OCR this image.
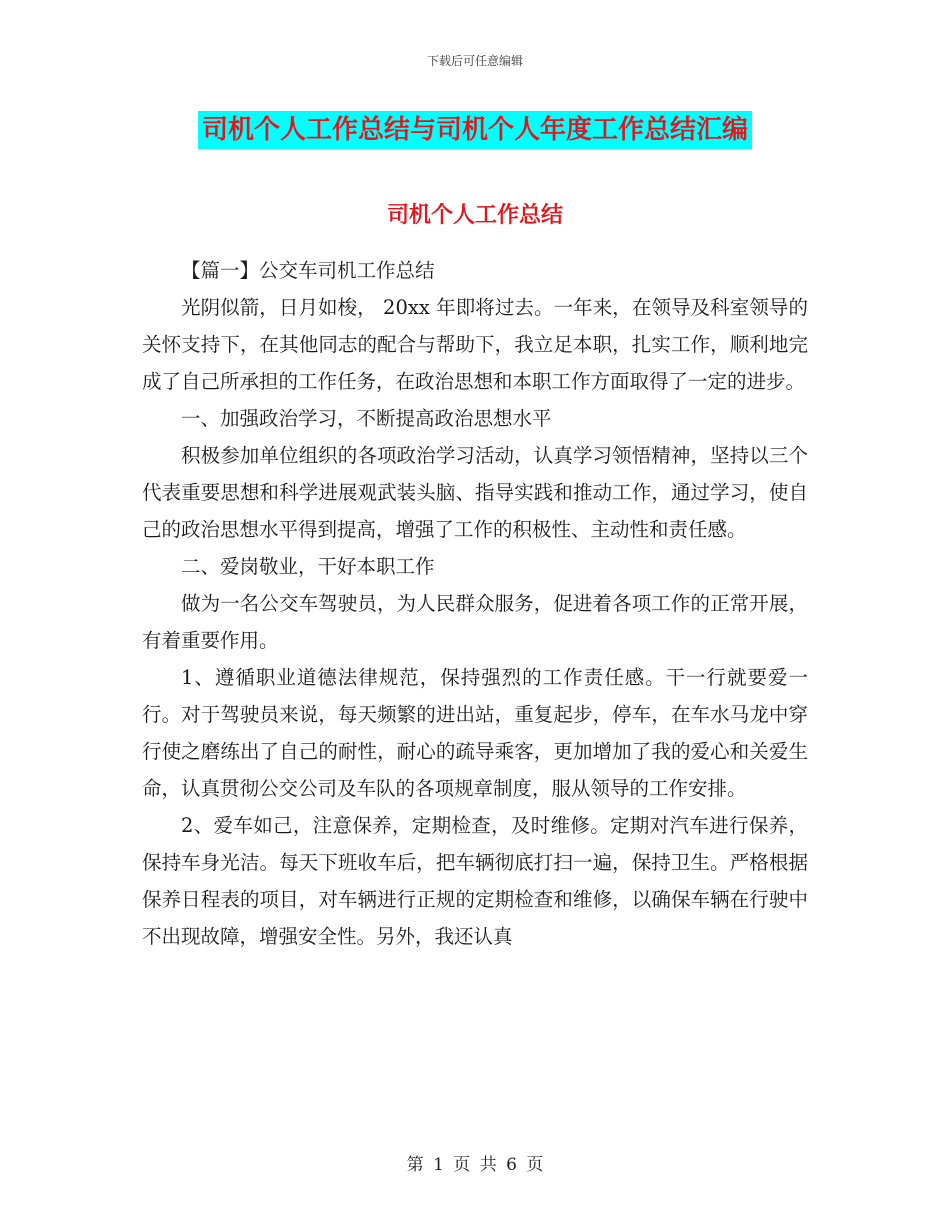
下载后可任意编辑
司机个人工作总结与司机个人年度工作总结汇编
司机个人工作总结

【篇一】公交车司机工作总结

光阴似箭，日月如梭， 20xx 年即将过去。一年来，在领导及科室领导的关怀支持下，在其他同志的配合与帮助下，我立足本职，扎实工作，顺利地完成了自己所承担的工作任务，在政治思想和本职工作方面取得了一定的进步。

一、加强政治学习，不断提高政治思想水平

积极参加单位组织的各项政治学习活动，认真学习领悟精神，坚持以三个代表重要思想和科学进展观武装头脑、指导实践和推动工作，通过学习，使自己的政治思想水平得到提高，增强了工作的积极性、主动性和责任感。

二、爱岗敬业，干好本职工作

做为一名公交车驾驶员，为人民群众服务，促进着各项工作的正常开展，有着重要作用。

1、遵循职业道德法律规范，保持强烈的工作责任感。干一行就要爱一行。对于驾驶员来说，每天频繁的进出站，重复起步，停车，在车水马龙中穿行使之磨练出了自己的耐性，耐心的疏导乘客，更加增加了我的爱心和关爱生命，认真贯彻公交公司及车队的各项规章制度，服从领导的工作安排。

2、爱车如己，注意保养，定期检查，及时维修。定期对汽车进行保养，保持车身光洁。每天下班收车后，把车辆彻底打扫一遍，保持卫生。严格根据保养日程表的项目，对车辆进行正规的定期检查和维修，以确保车辆在行驶中不出现故障，增强安全性。另外，我还认真

第 1 页 共 6 页
